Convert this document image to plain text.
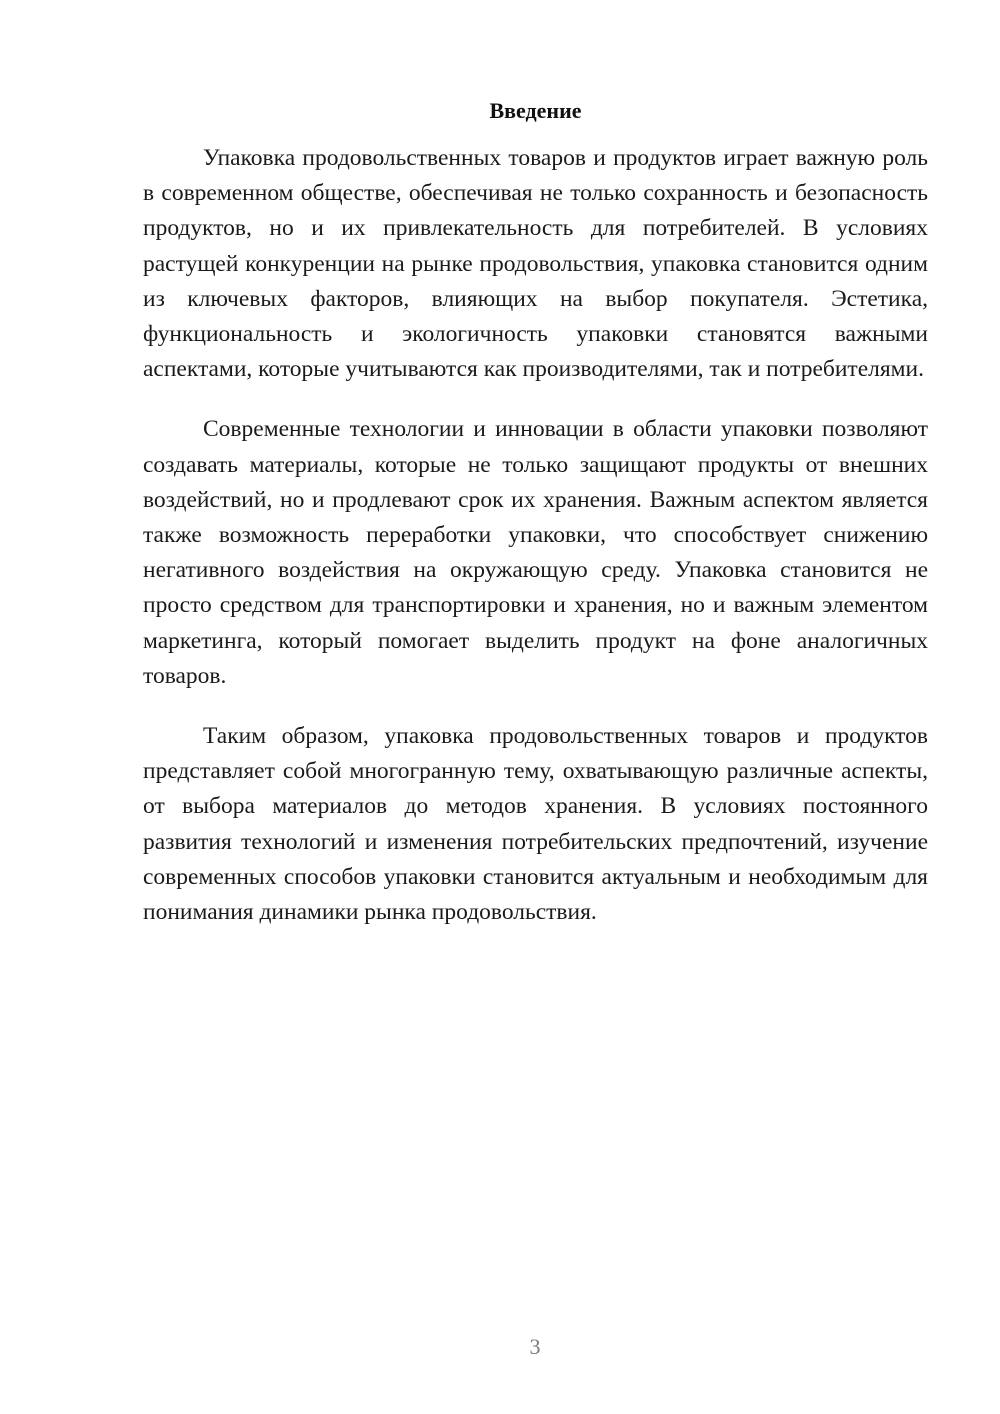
Введение

Упаковка продовольственных товаров и продуктов играет важную роль в современном обществе, обеспечивая не только сохранность и безопасность продуктов, но и их привлекательность для потребителей. В условиях растущей конкуренции на рынке продовольствия, упаковка становится одним из ключевых факторов, влияющих на выбор покупателя. Эстетика, функциональность и экологичность упаковки становятся важными аспектами, которые учитываются как производителями, так и потребителями.

Современные технологии и инновации в области упаковки позволяют создавать материалы, которые не только защищают продукты от внешних воздействий, но и продлевают срок их хранения. Важным аспектом является также возможность переработки упаковки, что способствует снижению негативного воздействия на окружающую среду. Упаковка становится не просто средством для транспортировки и хранения, но и важным элементом маркетинга, который помогает выделить продукт на фоне аналогичных товаров.

Таким образом, упаковка продовольственных товаров и продуктов представляет собой многогранную тему, охватывающую различные аспекты, от выбора материалов до методов хранения. В условиях постоянного развития технологий и изменения потребительских предпочтений, изучение современных способов упаковки становится актуальным и необходимым для понимания динамики рынка продовольствия.

3
